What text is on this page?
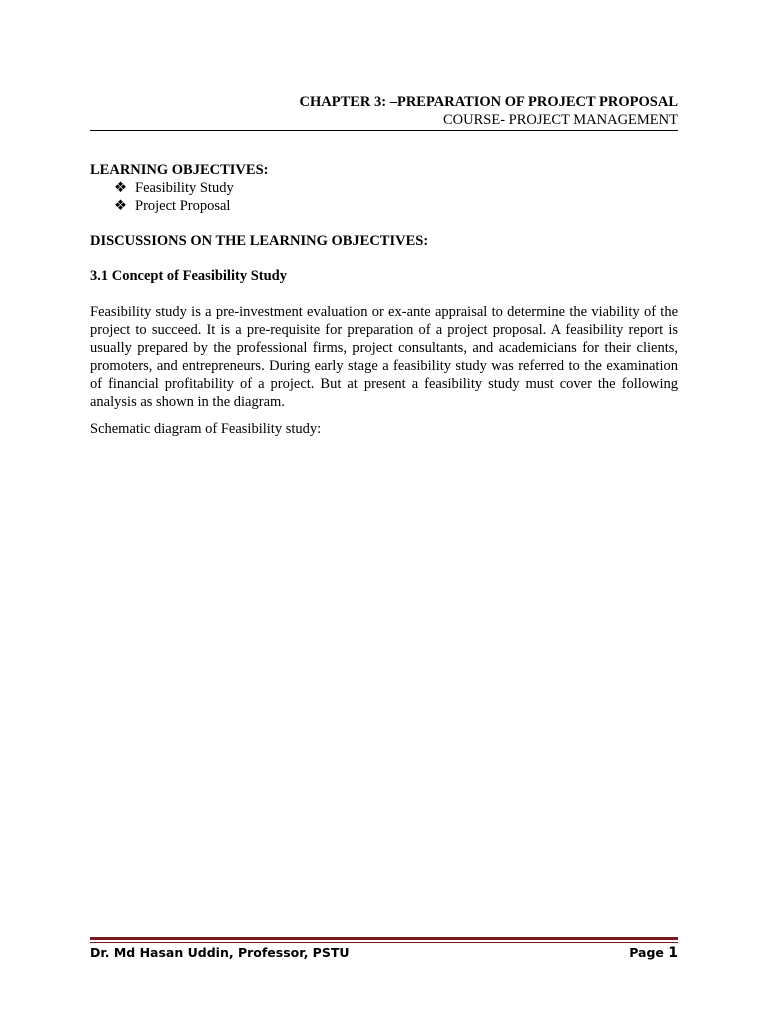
CHAPTER 3: –PREPARATION OF PROJECT PROPOSAL
COURSE- PROJECT MANAGEMENT
LEARNING OBJECTIVES:
❖ Feasibility Study
❖ Project Proposal
DISCUSSIONS ON THE LEARNING OBJECTIVES:
3.1 Concept of Feasibility Study
Feasibility study is a pre-investment evaluation or ex-ante appraisal to determine the viability of the project to succeed. It is a pre-requisite for preparation of a project proposal. A feasibility report is usually prepared by the professional firms, project consultants, and academicians for their clients, promoters, and entrepreneurs. During early stage a feasibility study was referred to the examination of financial profitability of a project. But at present a feasibility study must cover the following analysis as shown in the diagram.
Schematic diagram of Feasibility study:
Dr. Md Hasan Uddin, Professor, PSTU	Page 1
